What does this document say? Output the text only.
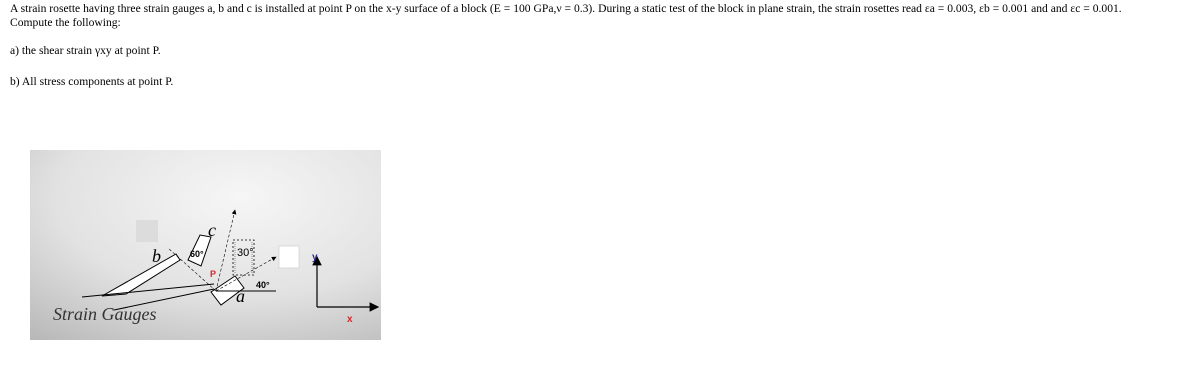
A strain rosette having three strain gauges a, b and c is installed at point P on the x-y surface of a block (E = 100 GPa,ν = 0.3). During a static test of the block in plane strain, the strain rosettes read εa = 0.003, εb = 0.001 and and εc = 0.001.

Compute the following:

a) the shear strain γxy at point P.
b) All stress components at point P.
b
c
a
60°	30°
40°
P
y
x
Strain Gauges
